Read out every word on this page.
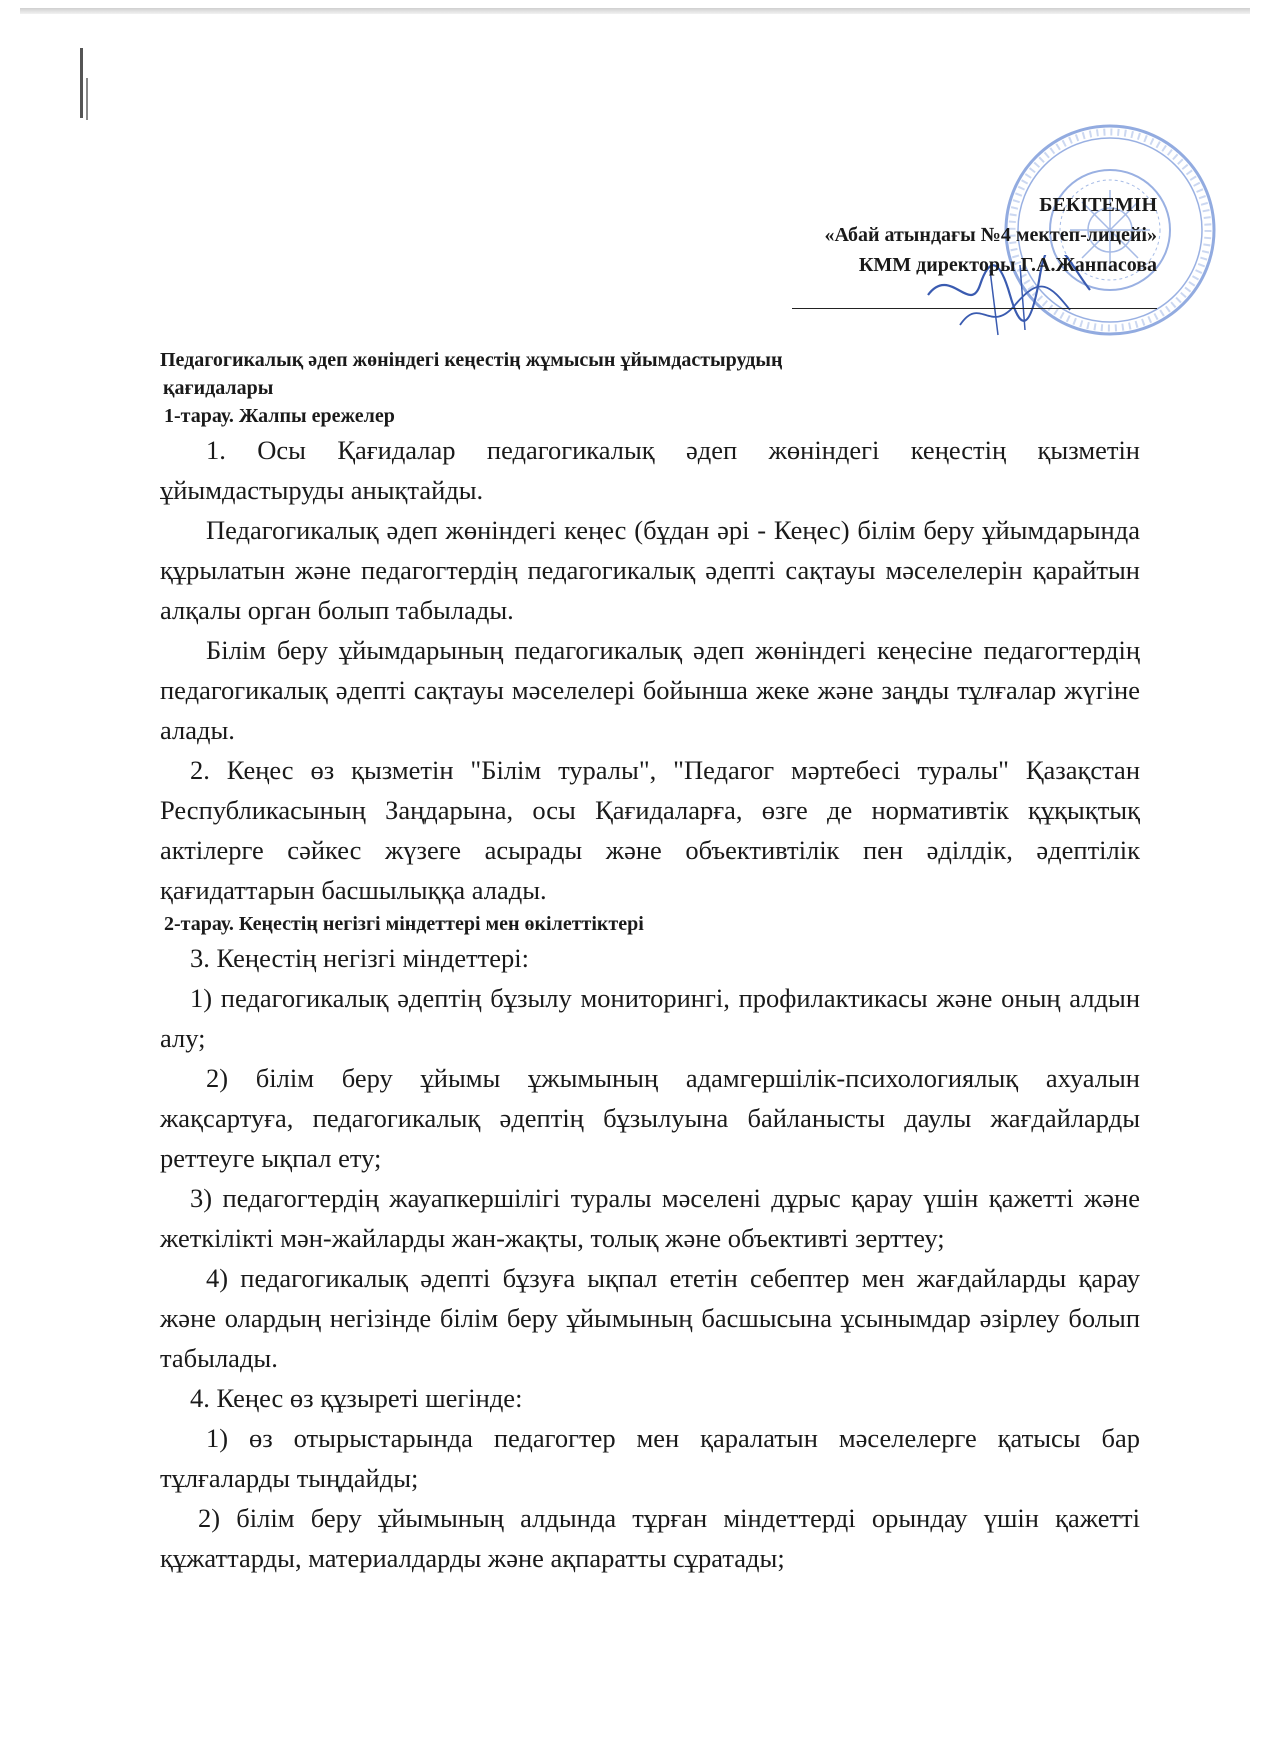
БЕКІТЕМІН
«Абай атындағы №4 мектеп-лицейі»
КММ директоры Г.А.Жанпасова
Педагогикалық әдеп жөніндегі кеңестің жұмысын ұйымдастырудың
қағидалары
1-тарау. Жалпы ережелер

1. Осы Қағидалар педагогикалық әдеп жөніндегі кеңестің қызметін ұйымдастыруды анықтайды.

Педагогикалық әдеп жөніндегі кеңес (бұдан әрі - Кеңес) білім беру ұйымдарында құрылатын және педагогтердің педагогикалық әдепті сақтауы мәселелерін қарайтын алқалы орган болып табылады.

Білім беру ұйымдарының педагогикалық әдеп жөніндегі кеңесіне педагогтердің педагогикалық әдепті сақтауы мәселелері бойынша жеке және заңды тұлғалар жүгіне алады.

2. Кеңес өз қызметін "Білім туралы", "Педагог мәртебесі туралы" Қазақстан Республикасының Заңдарына, осы Қағидаларға, өзге де нормативтік құқықтық актілерге сәйкес жүзеге асырады және объективтілік пен әділдік, әдептілік қағидаттарын басшылыққа алады.

2-тарау. Кеңестің негізгі міндеттері мен өкілеттіктері

3. Кеңестің негізгі міндеттері:

1) педагогикалық әдептің бұзылу мониторингі, профилактикасы және оның алдын алу;

2) білім беру ұйымы ұжымының адамгершілік-психологиялық ахуалын жақсартуға, педагогикалық әдептің бұзылуына байланысты даулы жағдайларды реттеуге ықпал ету;

3) педагогтердің жауапкершілігі туралы мәселені дұрыс қарау үшін қажетті және жеткілікті мән-жайларды жан-жақты, толық және объективті зерттеу;

4) педагогикалық әдепті бұзуға ықпал ететін себептер мен жағдайларды қарау және олардың негізінде білім беру ұйымының басшысына ұсынымдар әзірлеу болып табылады.

4. Кеңес өз құзыреті шегінде:

1) өз отырыстарында педагогтер мен қаралатын мәселелерге қатысы бар тұлғаларды тыңдайды;

2) білім беру ұйымының алдында тұрған міндеттерді орындау үшін қажетті құжаттарды, материалдарды және ақпаратты сұратады;
